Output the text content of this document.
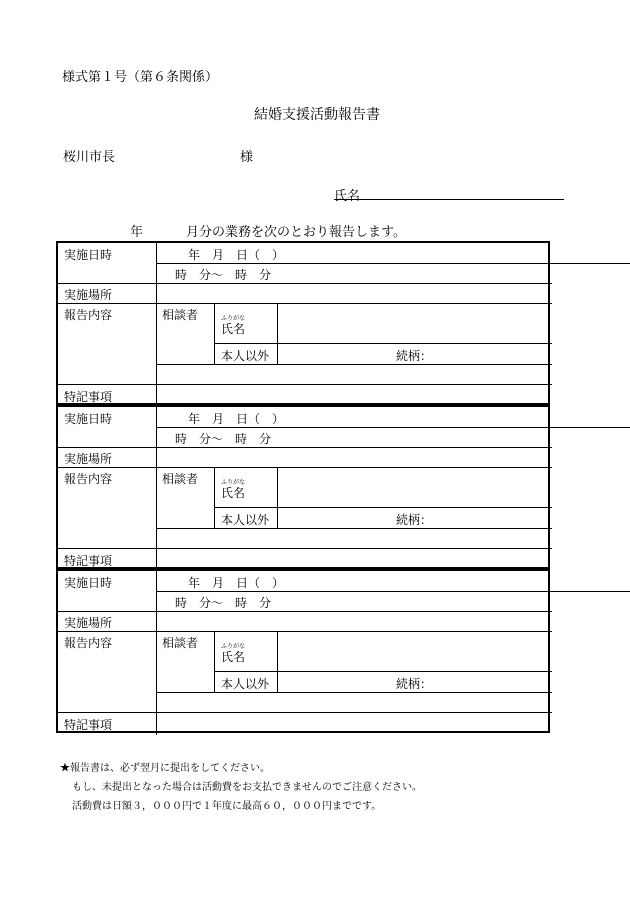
様式第１号（第６条関係）
結婚支援活動報告書
桜川市長	様
氏名
年	月分の業務を次のとおり報告します。
実施日時	年　月　日（　）
時　分～　時　分
実施場所
報告内容	相談者	ふりがな
氏名
本人以外	続柄：
特記事項
実施日時	年　月　日（　）
時　分～　時　分
実施場所
報告内容	相談者	ふりがな
氏名
本人以外	続柄：
特記事項
実施日時	年　月　日（　）
時　分～　時　分
実施場所
報告内容	相談者	ふりがな
氏名
本人以外	続柄：
特記事項
★報告書は、必ず翌月に提出をしてください。
もし、未提出となった場合は活動費をお支払できませんのでご注意ください。
活動費は日額３，０００円で１年度に最高６０，０００円までです。
